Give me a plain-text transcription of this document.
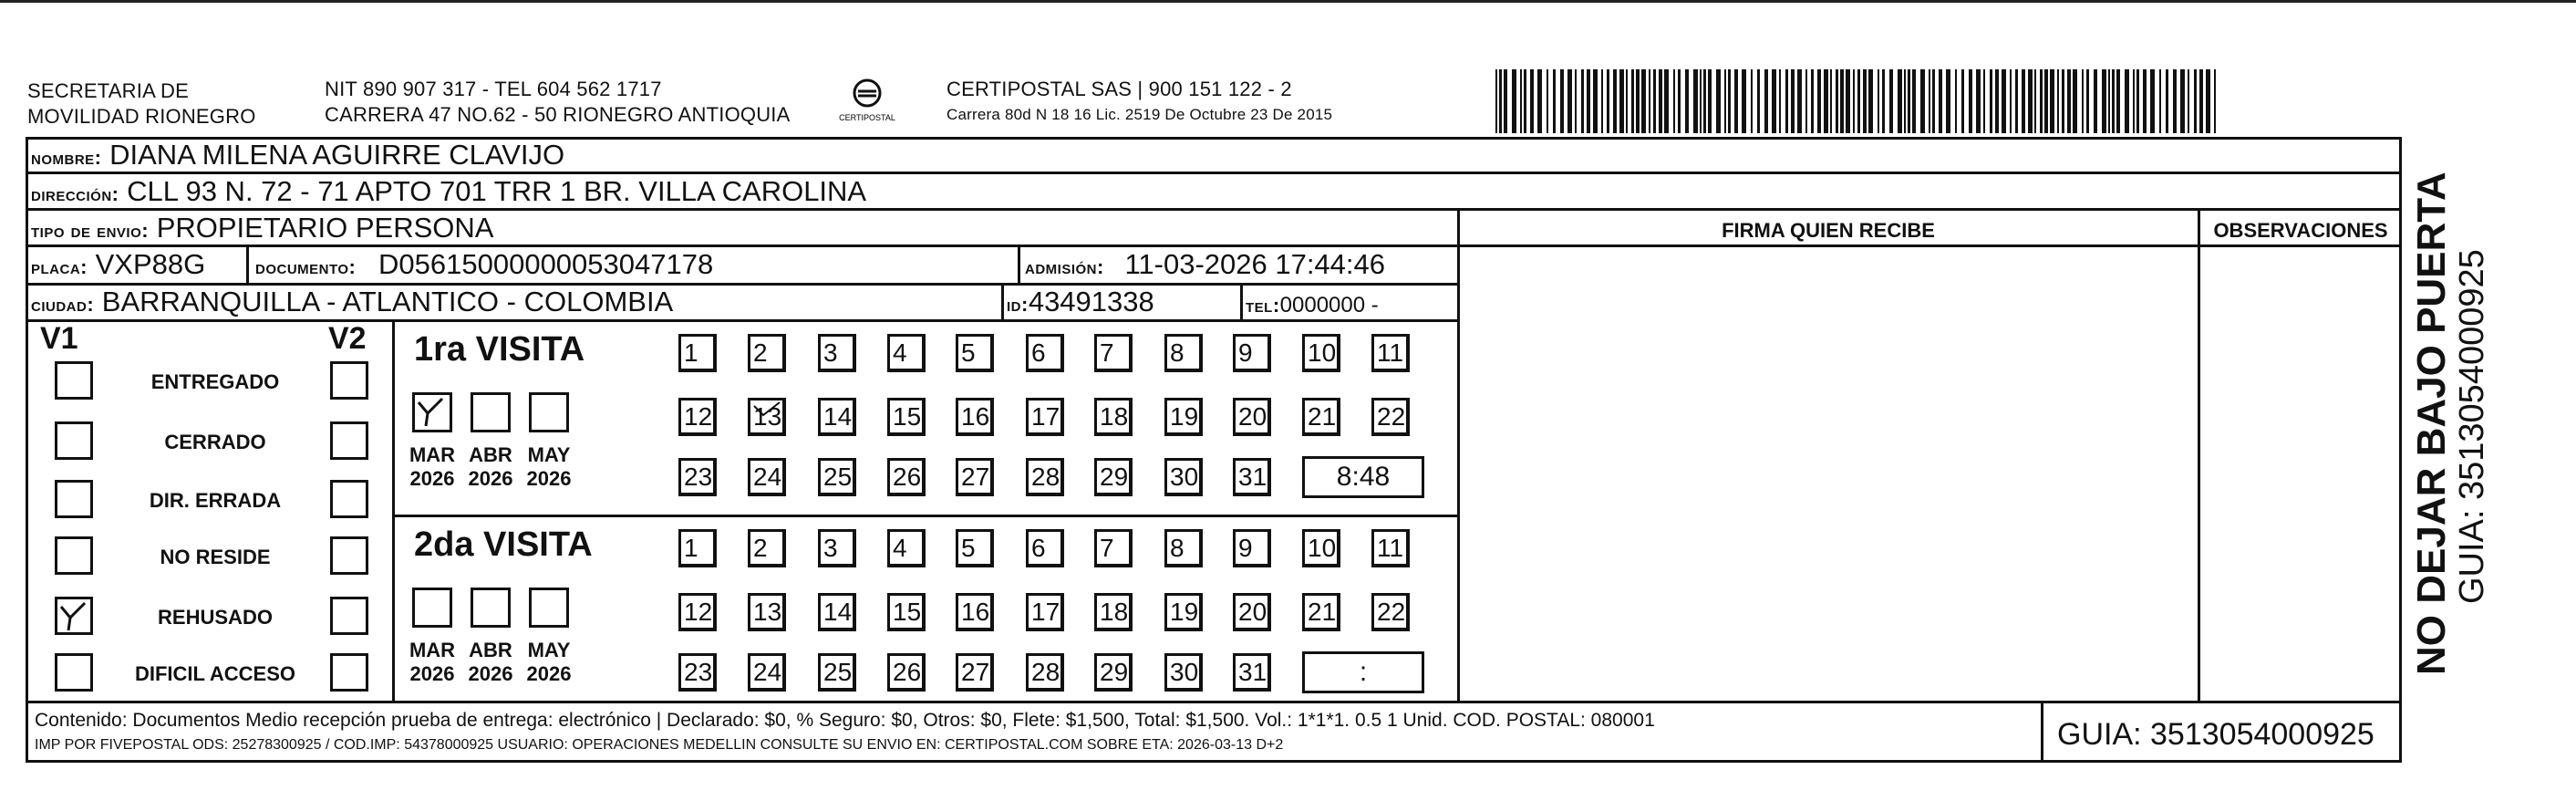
SECRETARIA DE
MOVILIDAD RIONEGRO
NIT 890 907 317 - TEL 604 562 1717
CARRERA 47 NO.62 - 50 RIONEGRO ANTIOQUIA	CERTIPOSTAL
CERTIPOSTAL SAS | 900 151 122 - 2
Carrera 80d N 18 16 Lic. 2519 De Octubre 23 De 2015
nombre: DIANA MILENA AGUIRRE CLAVIJO
dirección: CLL 93 N. 72 - 71 APTO 701 TRR 1 BR. VILLA CAROLINA
tipo de envio: PROPIETARIO PERSONA
placa: VXP88G documento: D05615000000053047178	admisión: 11-03-2026 17:44:46
ciudad: BARRANQUILLA - ATLANTICO - COLOMBIA	id:43491338	tel:0000000 -
FIRMA QUIEN RECIBE	OBSERVACIONES
V1	V2
ENTREGADO
CERRADO
DIR. ERRADA
NO RESIDE
REHUSADO
DIFICIL ACCESO
1ra VISITA
MAR
2026
ABR
2026
MAY
2026
1	2	3	4	5	6	7	8	9	10 11
12 13 14 15 16 17 18 19 20 21 22
23 24 25 26 27 28 29 30 31	8:48
2da VISITA
MAR
2026
ABR
2026
MAY
2026
1	2	3	4	5	6	7	8	9	10 11
12 13 14 15 16 17 18 19 20 21 22
23 24 25 26 27 28 29 30 31	:
Contenido: Documentos Medio recepción prueba de entrega: electrónico | Declarado: $0, % Seguro: $0, Otros: $0, Flete: $1,500, Total: $1,500. Vol.: 1*1*1. 0.5 1 Unid. COD. POSTAL: 080001
IMP POR FIVEPOSTAL ODS: 25278300925 / COD.IMP: 54378000925 USUARIO: OPERACIONES MEDELLIN CONSULTE SU ENVIO EN: CERTIPOSTAL.COM SOBRE ETA: 2026-03-13 D+2	GUIA: 3513054000925
NO DEJAR BAJO PUERTA GUIA: 3513054000925
